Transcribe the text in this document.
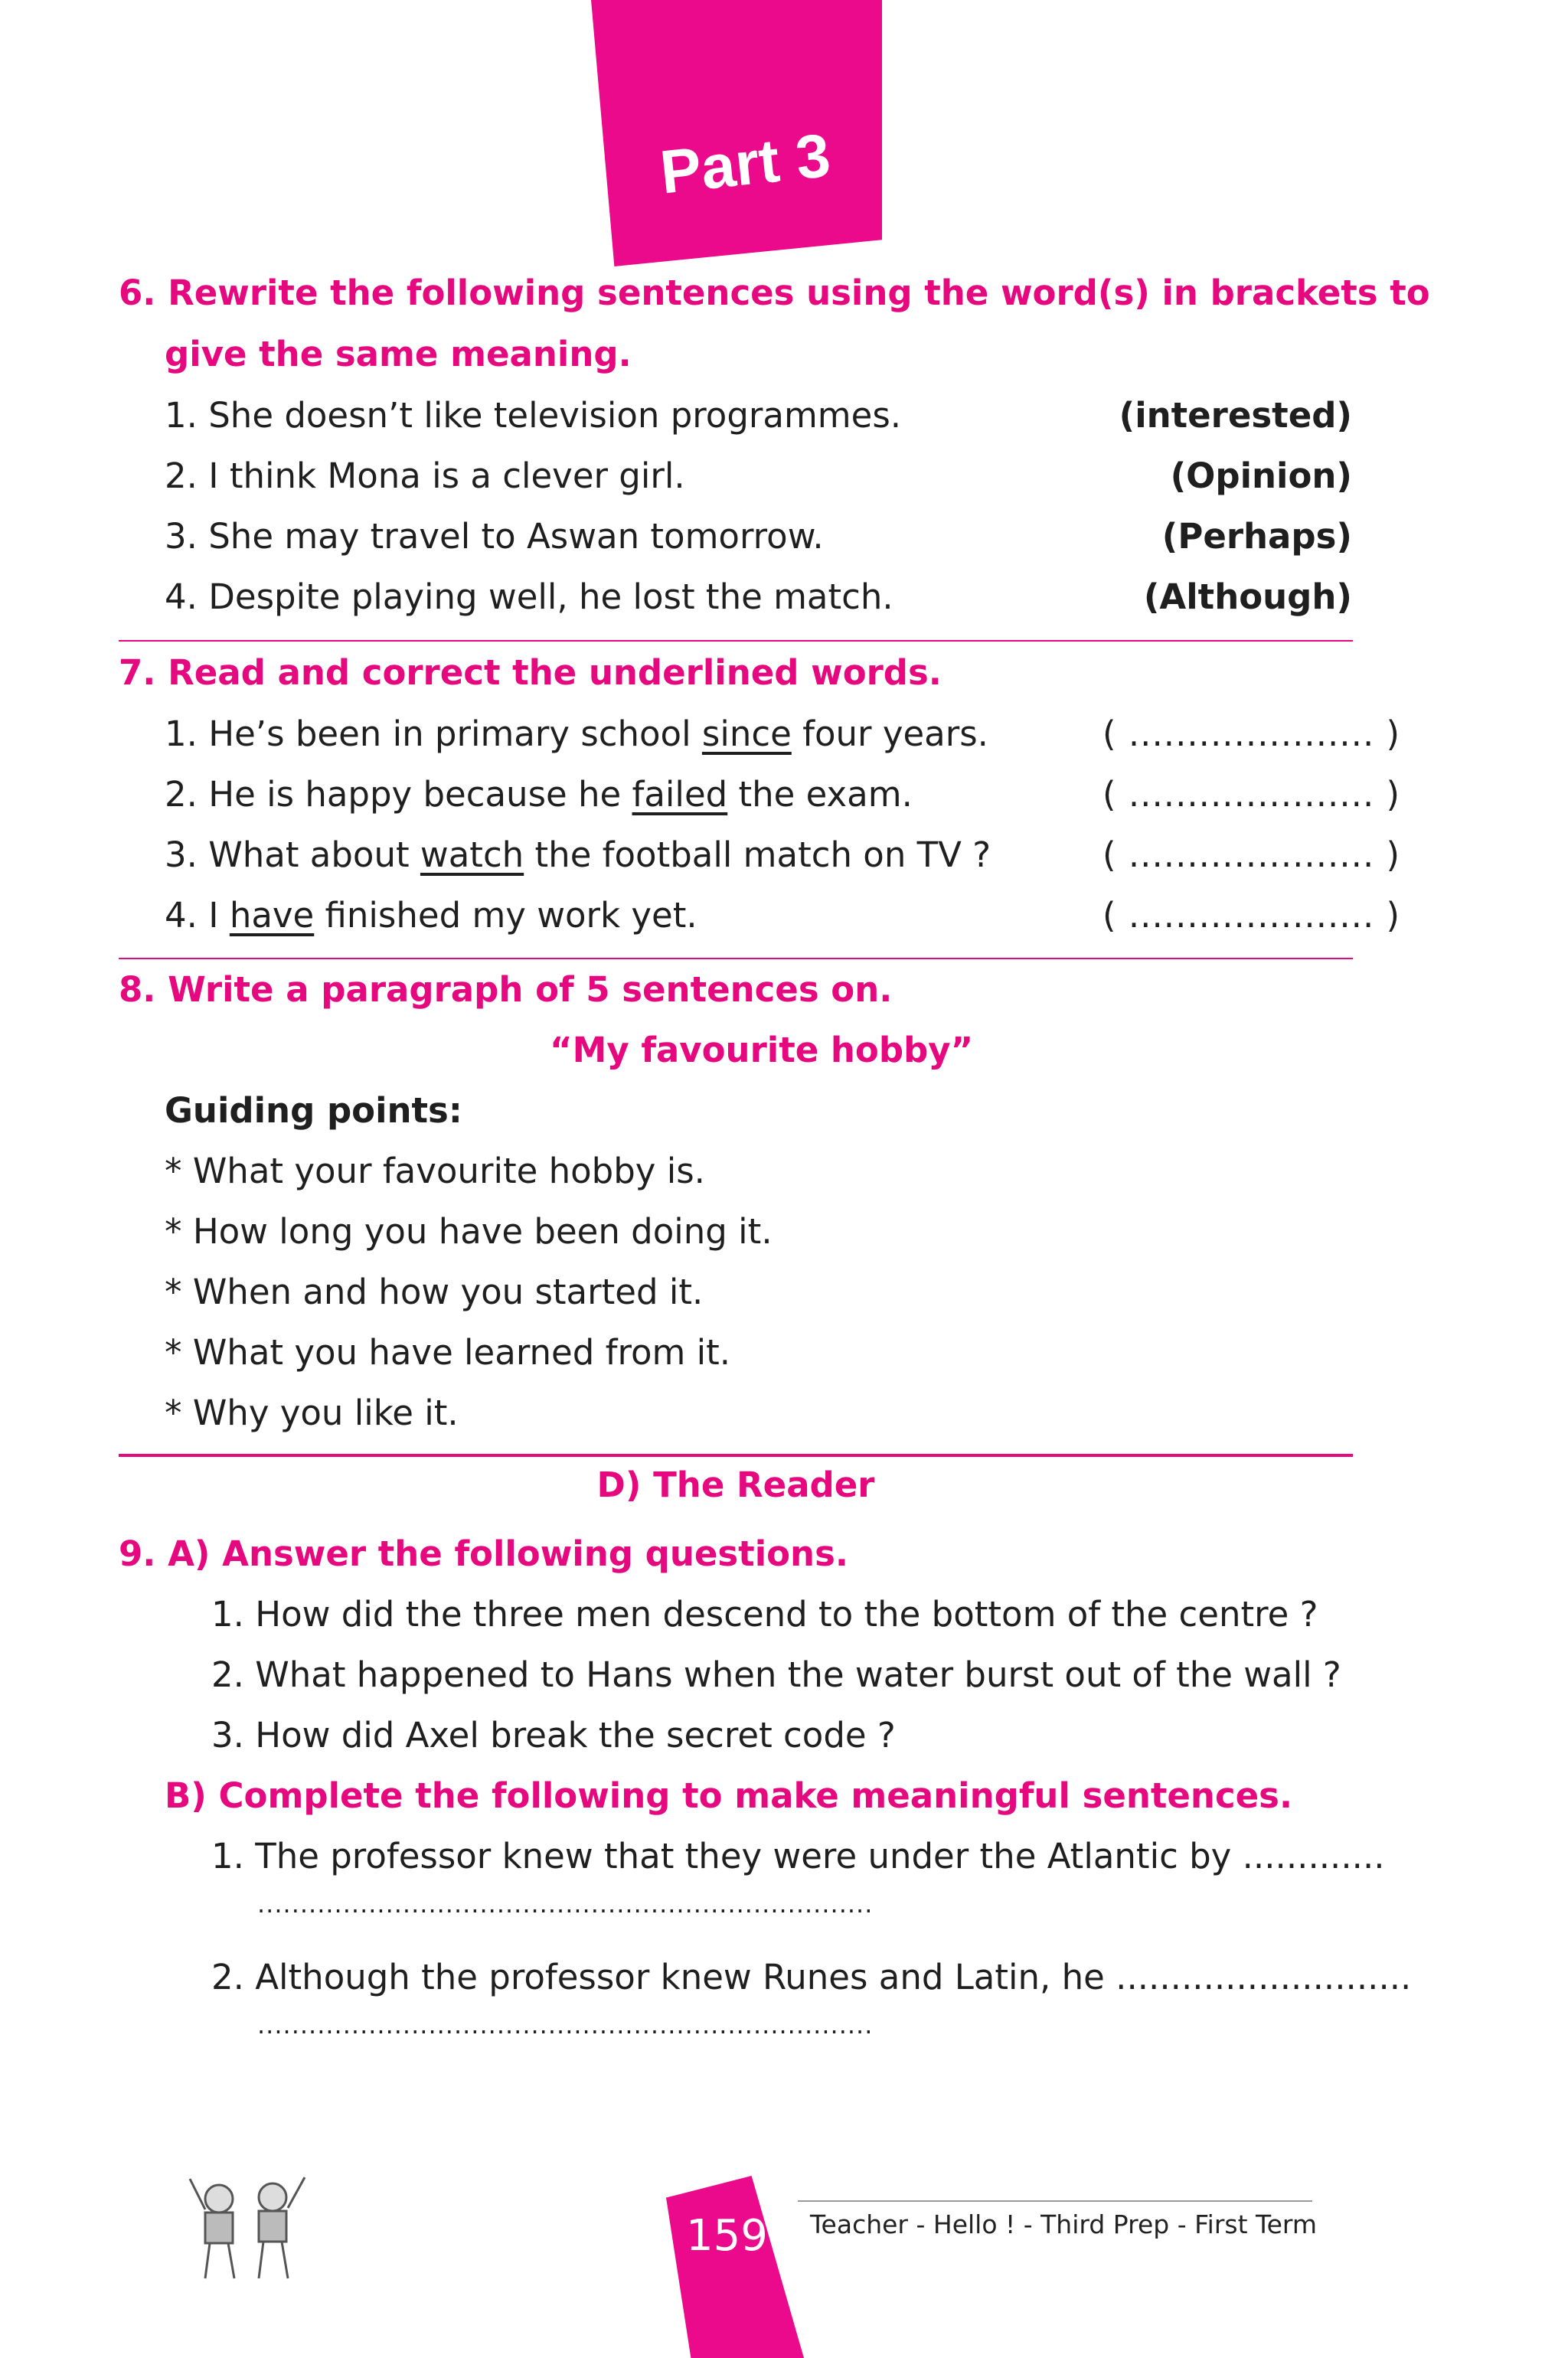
Part 3
6. Rewrite the following sentences using the word(s) in brackets to
give the same meaning.
1. She doesn’t like television programmes.	(interested)
2. I think Mona is a clever girl.	(Opinion)
3. She may travel to Aswan tomorrow.	(Perhaps)
4. Despite playing well, he lost the match.	(Although)
7. Read and correct the underlined words.
1. He’s been in primary school since four years.	( ..................... )
2. He is happy because he failed the exam.	( ..................... )
3. What about watch the football match on TV ?	( ..................... )
4. I have finished my work yet.	( ..................... )
8. Write a paragraph of 5 sentences on.
“My favourite hobby”
Guiding points:
* What your favourite hobby is.
* How long you have been doing it.
* When and how you started it.
* What you have learned from it.
* Why you like it.
D) The Reader
9. A) Answer the following questions.
1. How did the three men descend to the bottom of the centre ?
2. What happened to Hans when the water burst out of the wall ?
3. How did Axel break the secret code ?
B) Complete the following to make meaningful sentences.
1. The professor knew that they were under the Atlantic by .............
........................................................................
2. Although the professor knew Runes and Latin, he ...........................
........................................................................
159 Teacher - Hello ! - Third Prep - First Term
